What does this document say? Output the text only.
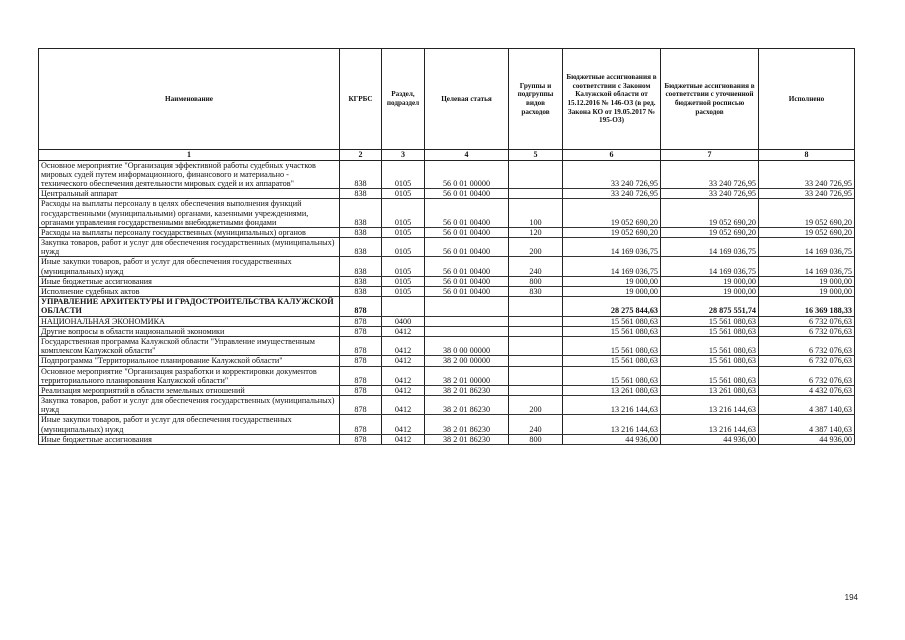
Наименование	КГРБС	Раздел, подраздел	Целевая статья	Группы и подгруппы видов расходов	Бюджетные ассигнования в соответствии с Законом Калужской области от 15.12.2016 № 146-ОЗ (в ред. Закона КО от 19.05.2017 № 195-ОЗ)	Бюджетные ассигнования в соответствии с уточненной бюджетной росписью расходов	Исполнено
1	2	3	4	5	6	7	8
Основное мероприятие "Организация эффективной работы судебных участков мировых судей путем информационного, финансового и материально - технического обеспечения деятельности мировых судей и их аппаратов"	838	0105	56 0 01 00000		33 240 726,95	33 240 726,95	33 240 726,95
Центральный аппарат	838	0105	56 0 01 00400		33 240 726,95	33 240 726,95	33 240 726,95
Расходы на выплаты персоналу в целях обеспечения выполнения функций государственными (муниципальными) органами, казенными учреждениями, органами управления государственными внебюджетными фондами	838	0105	56 0 01 00400	100	19 052 690,20	19 052 690,20	19 052 690,20
Расходы на выплаты персоналу государственных (муниципальных) органов	838	0105	56 0 01 00400	120	19 052 690,20	19 052 690,20	19 052 690,20
Закупка товаров, работ и услуг для обеспечения государственных (муниципальных) нужд	838	0105	56 0 01 00400	200	14 169 036,75	14 169 036,75	14 169 036,75
Иные закупки товаров, работ и услуг для обеспечения государственных (муниципальных) нужд	838	0105	56 0 01 00400	240	14 169 036,75	14 169 036,75	14 169 036,75
Иные бюджетные ассигнования	838	0105	56 0 01 00400	800	19 000,00	19 000,00	19 000,00
Исполнение судебных актов	838	0105	56 0 01 00400	830	19 000,00	19 000,00	19 000,00
УПРАВЛЕНИЕ АРХИТЕКТУРЫ И ГРАДОСТРОИТЕЛЬСТВА КАЛУЖСКОЙ ОБЛАСТИ	878				28 275 844,63	28 875 551,74	16 369 188,33
НАЦИОНАЛЬНАЯ ЭКОНОМИКА	878	0400			15 561 080,63	15 561 080,63	6 732 076,63
Другие вопросы в области национальной экономики	878	0412			15 561 080,63	15 561 080,63	6 732 076,63
Государственная программа Калужской области "Управление имущественным комплексом Калужской области"	878	0412	38 0 00 00000		15 561 080,63	15 561 080,63	6 732 076,63
Подпрограмма "Территориальное планирование Калужской области"	878	0412	38 2 00 00000		15 561 080,63	15 561 080,63	6 732 076,63
Основное мероприятие "Организация разработки и корректировки документов территориального планирования Калужской области"	878	0412	38 2 01 00000		15 561 080,63	15 561 080,63	6 732 076,63
Реализация мероприятий в области земельных отношений	878	0412	38 2 01 86230		13 261 080,63	13 261 080,63	4 432 076,63
Закупка товаров, работ и услуг для обеспечения государственных (муниципальных) нужд	878	0412	38 2 01 86230	200	13 216 144,63	13 216 144,63	4 387 140,63
Иные закупки товаров, работ и услуг для обеспечения государственных (муниципальных) нужд	878	0412	38 2 01 86230	240	13 216 144,63	13 216 144,63	4 387 140,63
Иные бюджетные ассигнования	878	0412	38 2 01 86230	800	44 936,00	44 936,00	44 936,00
194
